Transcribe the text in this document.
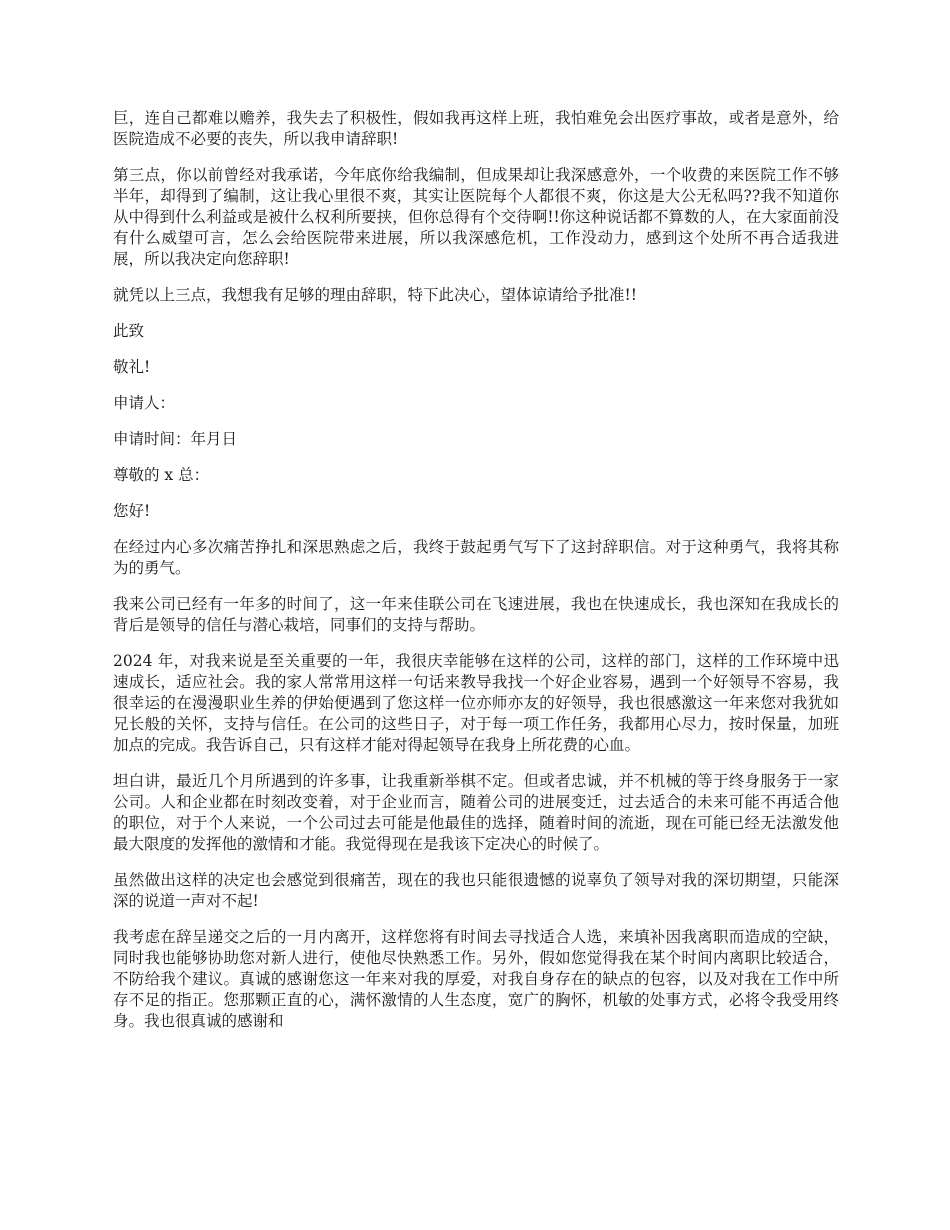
巨，连自己都难以赡养，我失去了积极性，假如我再这样上班，我怕难免会出医疗事故，或者是意外，给医院造成不必要的丧失，所以我申请辞职!

第三点，你以前曾经对我承诺，今年底你给我编制，但成果却让我深感意外，一个收费的来医院工作不够半年，却得到了编制，这让我心里很不爽，其实让医院每个人都很不爽，你这是大公无私吗??我不知道你从中得到什么利益或是被什么权利所要挟，但你总得有个交待啊!!你这种说话都不算数的人，在大家面前没有什么威望可言，怎么会给医院带来进展，所以我深感危机，工作没动力，感到这个处所不再合适我进展，所以我决定向您辞职!

就凭以上三点，我想我有足够的理由辞职，特下此决心，望体谅请给予批准!!

此致

敬礼!

申请人：

申请时间：年月日

尊敬的 x 总：

您好!

在经过内心多次痛苦挣扎和深思熟虑之后，我终于鼓起勇气写下了这封辞职信。对于这种勇气，我将其称为的勇气。

我来公司已经有一年多的时间了，这一年来佳联公司在飞速进展，我也在快速成长，我也深知在我成长的背后是领导的信任与潜心栽培，同事们的支持与帮助。

2024 年，对我来说是至关重要的一年，我很庆幸能够在这样的公司，这样的部门，这样的工作环境中迅速成长，适应社会。我的家人常常用这样一句话来教导我找一个好企业容易，遇到一个好领导不容易，我很幸运的在漫漫职业生养的伊始便遇到了您这样一位亦师亦友的好领导，我也很感激这一年来您对我犹如兄长般的关怀，支持与信任。在公司的这些日子，对于每一项工作任务，我都用心尽力，按时保量，加班加点的完成。我告诉自己，只有这样才能对得起领导在我身上所花费的心血。

坦白讲，最近几个月所遇到的许多事，让我重新举棋不定。但或者忠诚，并不机械的等于终身服务于一家公司。人和企业都在时刻改变着，对于企业而言，随着公司的进展变迁，过去适合的未来可能不再适合他的职位，对于个人来说，一个公司过去可能是他最佳的选择，随着时间的流逝，现在可能已经无法激发他最大限度的发挥他的激情和才能。我觉得现在是我该下定决心的时候了。

虽然做出这样的决定也会感觉到很痛苦，现在的我也只能很遗憾的说辜负了领导对我的深切期望，只能深深的说道一声对不起!

我考虑在辞呈递交之后的一月内离开，这样您将有时间去寻找适合人选，来填补因我离职而造成的空缺，同时我也能够协助您对新人进行，使他尽快熟悉工作。另外，假如您觉得我在某个时间内离职比较适合，不防给我个建议。真诚的感谢您这一年来对我的厚爱，对我自身存在的缺点的包容，以及对我在工作中所存不足的指正。您那颗正直的心，满怀激情的人生态度，宽广的胸怀，机敏的处事方式，必将令我受用终身。我也很真诚的感谢和
